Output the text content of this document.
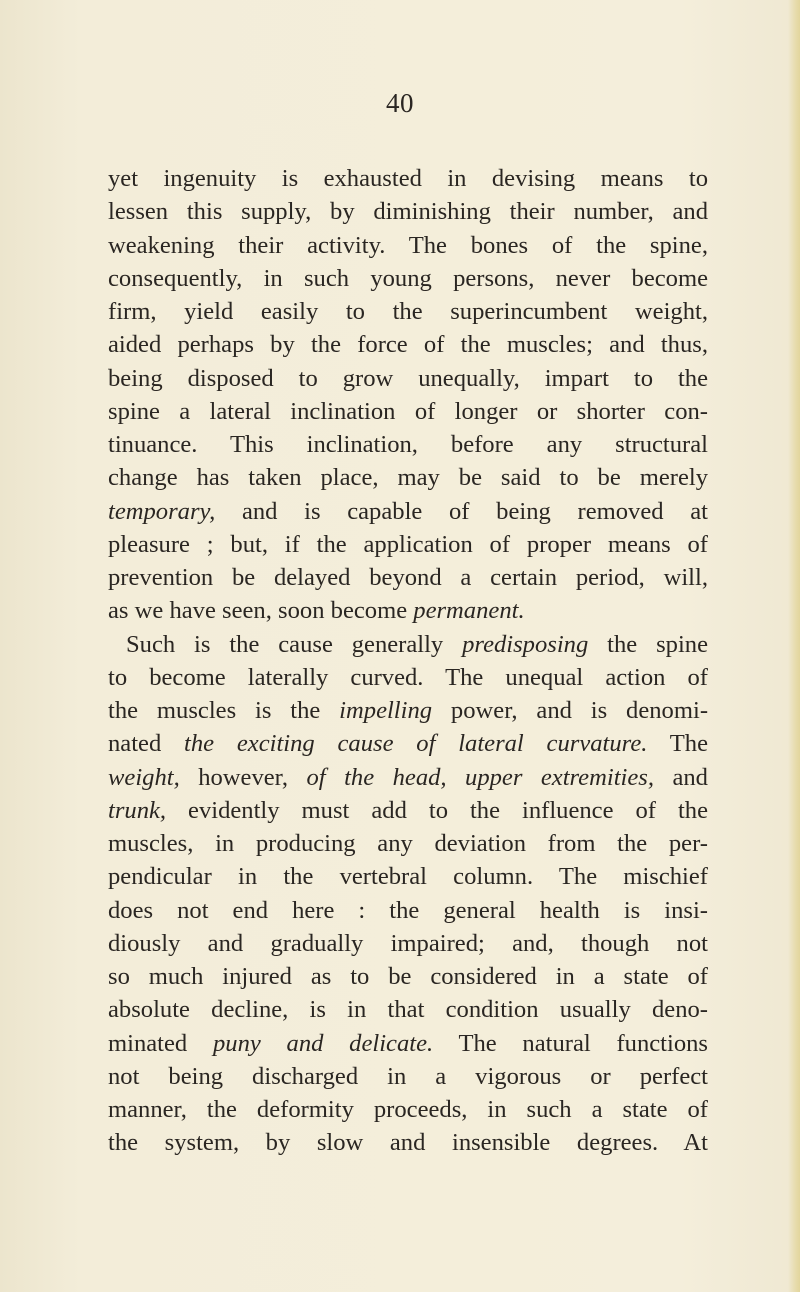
40
yet ingenuity is exhausted in devising means to
lessen this supply, by diminishing their number, and
weakening their activity. The bones of the spine,
consequently, in such young persons, never become
firm, yield easily to the superincumbent weight,
aided perhaps by the force of the muscles; and thus,
being disposed to grow unequally, impart to the
spine a lateral inclination of longer or shorter con-
tinuance. This inclination, before any structural
change has taken place, may be said to be merely
temporary, and is capable of being removed at
pleasure ; but, if the application of proper means of
prevention be delayed beyond a certain period, will,
as we have seen, soon become permanent.
Such is the cause generally predisposing the spine
to become laterally curved. The unequal action of
the muscles is the impelling power, and is denomi-
nated the exciting cause of lateral curvature. The
weight, however, of the head, upper extremities, and
trunk, evidently must add to the influence of the
muscles, in producing any deviation from the per-
pendicular in the vertebral column. The mischief
does not end here : the general health is insi-
diously and gradually impaired; and, though not
so much injured as to be considered in a state of
absolute decline, is in that condition usually deno-
minated puny and delicate. The natural functions
not being discharged in a vigorous or perfect
manner, the deformity proceeds, in such a state of
the system, by slow and insensible degrees. At
